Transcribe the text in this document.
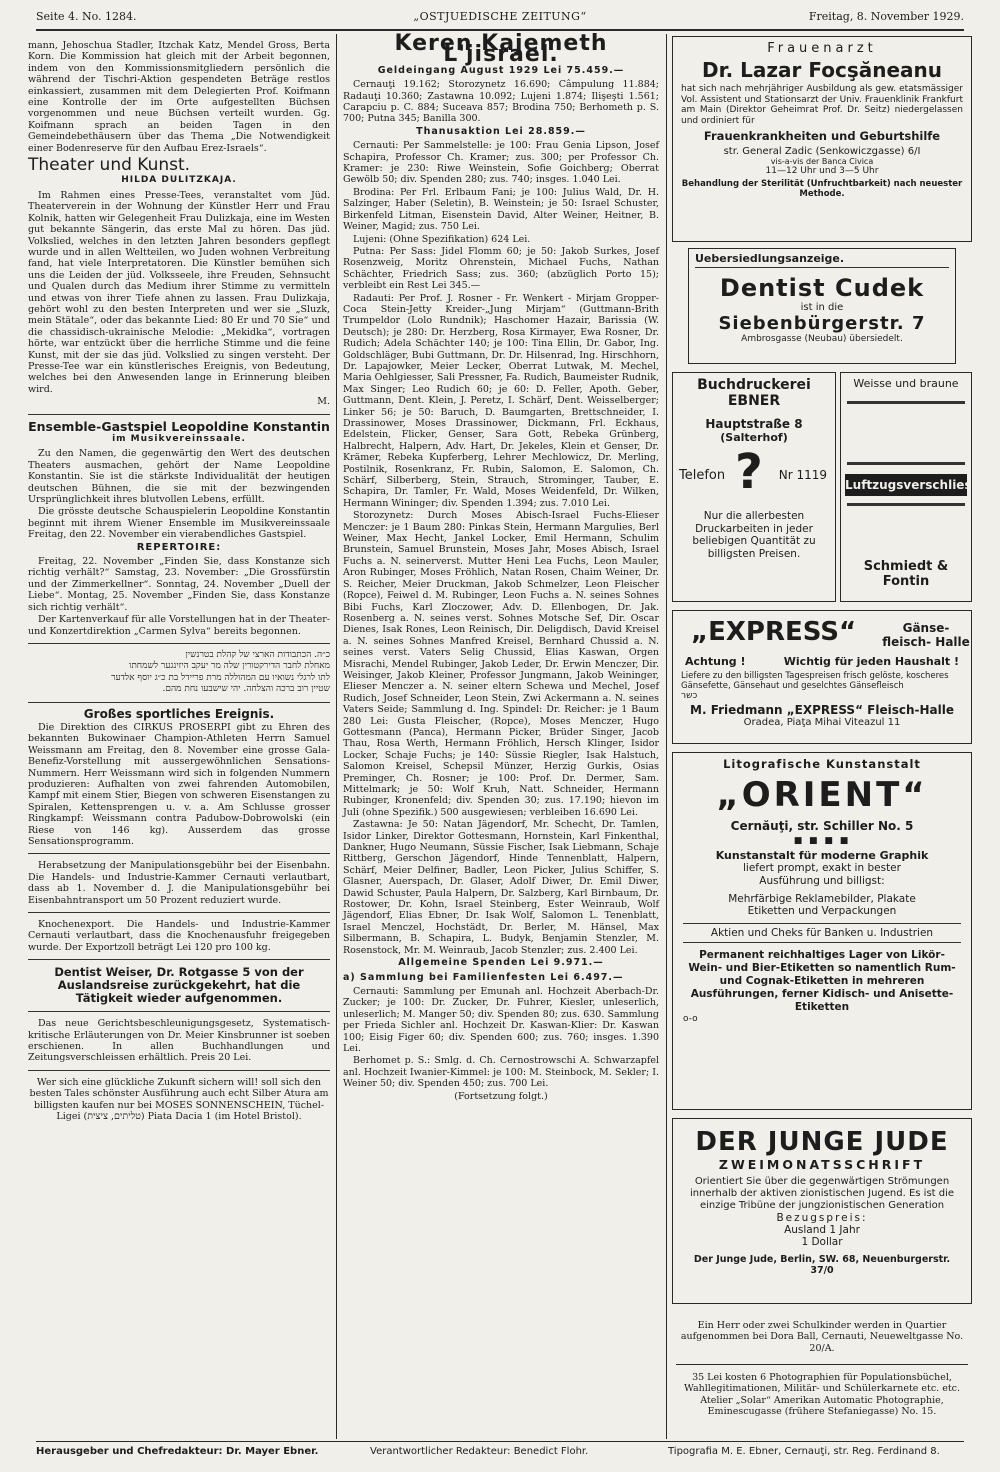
Seite 4. No. 1284.	„OSTJUEDISCHE ZEITUNG“	Freitag, 8. November 1929.

mann, Jehoschua Stadler, Itzchak Katz, Mendel Gross, Berta Korn. Die Kommission hat gleich mit der Arbeit begonnen, indem von den Kommissionsmitgliedern persönlich die während der Tischri-Aktion gespendeten Beträge restlos einkassiert, zusammen mit dem Delegierten Prof. Koifmann eine Kontrolle der im Orte aufgestellten Büchsen vorgenommen und neue Büchsen verteilt wurden. Gg. Koifmann sprach an beiden Tagen in den Gemeindebethäusern über das Thema „Die Notwendigkeit einer Bodenreserve für den Aufbau Erez-Israels“.

Theater und Kunst.
HILDA DULITZKAJA.

Im Rahmen eines Presse-Tees, veranstaltet vom Jüd. Theaterverein in der Wohnung der Künstler Herr und Frau Kolnik, hatten wir Gelegenheit Frau Dulizkaja, eine im Westen gut bekannte Sängerin, das erste Mal zu hören. Das jüd. Volkslied, welches in den letzten Jahren besonders gepflegt wurde und in allen Weltteilen, wo Juden wohnen Verbreitung fand, hat viele Interpretatoren. Die Künstler bemühen sich uns die Leiden der jüd. Volksseele, ihre Freuden, Sehnsucht und Qualen durch das Medium ihrer Stimme zu vermitteln und etwas von ihrer Tiefe ahnen zu lassen. Frau Dulizkaja, gehört wohl zu den besten Interpreten und wer sie „Sluzk, mein Stätale“, oder das bekannte Lied: 80 Er und 70 Sie“ und die chassidisch-ukrainische Melodie: „Mekidka“, vortragen hörte, war entzückt über die herrliche Stimme und die feine Kunst, mit der sie das jüd. Volkslied zu singen versteht. Der Presse-Tee war ein künstlerisches Ereignis, von Bedeutung, welches bei den Anwesenden lange in Erinnerung bleiben wird.

M.

Ensemble-Gastspiel Leopoldine Konstantin
im Musikvereinssaale.

Zu den Namen, die gegenwärtig den Wert des deutschen Theaters ausmachen, gehört der Name Leopoldine Konstantin. Sie ist die stärkste Individualität der heutigen deutschen Bühnen, die sie mit der bezwingenden Ursprünglichkeit ihres blutvollen Lebens, erfüllt.

Die grösste deutsche Schauspielerin Leopoldine Konstantin beginnt mit ihrem Wiener Ensemble im Musikvereinssaale Freitag, den 22. November ein vierabendliches Gastspiel.

REPERTOIRE:

Freitag, 22. November „Finden Sie, dass Konstanze sich richtig verhält?“ Samstag, 23. November: „Die Grossfürstin und der Zimmerkellner“. Sonntag, 24. November „Duell der Liebe“. Montag, 25. November „Finden Sie, dass Konstanze sich richtig verhält“.

Der Kartenverkauf für alle Vorstellungen hat in der Theater- und Konzertdirektion „Carmen Sylva“ bereits begonnen.

כ״ה. הכתבודות הארצי של קהלת בטרנשין
מאחלת לחבר הדירקטורין שלה מר יעקב היזינגער לשמחתו
לתו לרגלי נשואיו עם המהוללה מרת פריידל בת כ״ג יוסף אלדער
שטיין רוב ברכה והצלחה. יהי שישבעו נחת מהם.
Großes sportliches Ereignis.

Die Direktion des CIRKUS PROSERPI gibt zu Ehren des bekannten Bukowinaer Champion-Athleten Herrn Samuel Weissmann am Freitag, den 8. November eine grosse Gala-Benefiz-Vorstellung mit aussergewöhnlichen Sensations-Nummern. Herr Weissmann wird sich in folgenden Nummern produzieren: Aufhalten von zwei fahrenden Automobilen, Kampf mit einem Stier, Biegen von schweren Eisenstangen zu Spiralen, Kettensprengen u. v. a. Am Schlusse grosser Ringkampf: Weissmann contra Padubow-Dobrowolski (ein Riese von 146 kg). Ausserdem das grosse Sensationsprogramm.

Herabsetzung der Manipulationsgebühr bei der Eisenbahn. Die Handels- und Industrie-Kammer Cernauti verlautbart, dass ab 1. November d. J. die Manipulationsgebühr bei Eisenbahntransport um 50 Prozent reduziert wurde.

Knochenexport. Die Handels- und Industrie-Kammer Cernauti verlautbart, dass die Knochenausfuhr freigegeben wurde. Der Exportzoll beträgt Lei 120 pro 100 kg.

Dentist Weiser, Dr. Rotgasse 5 von der Auslandsreise zurückgekehrt, hat die Tätigkeit wieder aufgenommen.

Das neue Gerichtsbeschleunigungsgesetz, Systematisch-kritische Erläuterungen von Dr. Meier Kinsbrunner ist soeben erschienen. In allen Buchhandlungen und Zeitungsverschleissen erhältlich. Preis 20 Lei.

Wer sich eine glückliche Zukunft sichern will! soll sich den besten Tales schönster Ausführung auch echt Silber Atura am billigsten kaufen nur bei MOSES SONNENSCHEIN, Tüchel-Ligei (טליתים, ציצית) Piata Dacia 1 (im Hotel Bristol).

Keren Kajemeth L'jisrael.
Geldeingang August 1929 Lei 75.459.—

Cernauţi 19.162; Storozynetz 16.690; Câmpulung 11.884; Radauţi 10.360; Zastawna 10.092; Lujeni 1.874; Ilişeşti 1.561; Carapciu p. C. 884; Suceava 857; Brodina 750; Berhometh p. S. 700; Putna 345; Banilla 300.

Thanusaktion Lei 28.859.—

Cernauti: Per Sammelstelle: je 100: Frau Genia Lipson, Josef Schapira, Professor Ch. Kramer; zus. 300; per Professor Ch. Kramer: je 230: Riwe Weinstein, Sofie Goichberg; Oberrat Gewölb 50; div. Spenden 280; zus. 740; insges. 1.040 Lei.

Brodina: Per Frl. Erlbaum Fani; je 100: Julius Wald, Dr. H. Salzinger, Haber (Seletin), B. Weinstein; je 50: Israel Schuster, Birkenfeld Litman, Eisenstein David, Alter Weiner, Heitner, B. Weiner, Magid; zus. 750 Lei.

Lujeni: (Ohne Spezifikation) 624 Lei.

Putna: Per Sass: Jidel Flomm 60; je 50: Jakob Surkes, Josef Rosenzweig, Moritz Ohrenstein, Michael Fuchs, Nathan Schächter, Friedrich Sass; zus. 360; (abzüglich Porto 15); verbleibt ein Rest Lei 345.—

Radauti: Per Prof. J. Rosner - Fr. Wenkert - Mirjam Gropper-Coca Stein-Jetty Kreider-„Jung Mirjam“ (Guttmann-Brith Trumpeldor (Lolo Rundnik); Haschomer Hazair, Barissia (W. Deutsch); je 280: Dr. Herzberg, Rosa Kirmayer, Ewa Rosner, Dr. Rudich; Adela Schächter 140; je 100: Tina Ellin, Dr. Gabor, Ing. Goldschläger, Bubi Guttmann, Dr. Dr. Hilsenrad, Ing. Hirschhorn, Dr. Lapajowker, Meier Lecker, Oberrat Lutwak, M. Mechel, Maria Oehlgiesser, Sali Pressner, Fa. Rudich, Baumeister Rudnik, Max Singer; Leo Rudich 60; je 60: D. Feller, Apoth. Geber, Guttmann, Dent. Klein, J. Peretz, I. Schärf, Dent. Weisselberger; Linker 56; je 50: Baruch, D. Baumgarten, Brettschneider, I. Drassinower, Moses Drassinower, Dickmann, Frl. Eckhaus, Edelstein, Flicker, Genser, Sara Gott, Rebeka Grünberg, Halbrecht, Halpern, Adv. Hart, Dr. Jekeles, Klein et Genser, Dr. Krämer, Rebeka Kupferberg, Lehrer Mechlowicz, Dr. Merling, Postilnik, Rosenkranz, Fr. Rubin, Salomon, E. Salomon, Ch. Schärf, Silberberg, Stein, Strauch, Strominger, Tauber, E. Schapira, Dr. Tamler, Fr. Wald, Moses Weidenfeld, Dr. Wilken, Hermann Wininger; div. Spenden 1.394; zus. 7.010 Lei.

Storozynetz: Durch Moses Abisch-Israel Fuchs-Elieser Menczer: je 1 Baum 280: Pinkas Stein, Hermann Margulies, Berl Weiner, Max Hecht, Jankel Locker, Emil Hermann, Schulim Brunstein, Samuel Brunstein, Moses Jahr, Moses Abisch, Israel Fuchs a. N. seinerverst. Mutter Heni Lea Fuchs, Leon Mauler, Aron Rubinger, Moses Fröhlich, Natan Rosen, Chaim Weiner, Dr. S. Reicher, Meier Druckman, Jakob Schmelzer, Leon Fleischer (Ropce), Feiwel d. M. Rubinger, Leon Fuchs a. N. seines Sohnes Bibi Fuchs, Karl Zloczower, Adv. D. Ellenbogen, Dr. Jak. Rosenberg a. N. seines verst. Sohnes Motsche Sef, Dir. Oscar Dienes, Isak Rones, Leon Reinisch, Dir. Deligdisch, David Kreisel a. N. seines Sohnes Manfred Kreisel, Bernhard Chussid a. N. seines verst. Vaters Selig Chussid, Elias Kaswan, Orgen Misrachi, Mendel Rubinger, Jakob Leder, Dr. Erwin Menczer, Dir. Weisinger, Jakob Kleiner, Professor Jungmann, Jakob Weininger, Elieser Menczer a. N. seiner eltern Schewa und Mechel, Josef Rudich, Josef Schneider, Leon Stein, Zwi Ackermann a. N. seines Vaters Seide; Sammlung d. Ing. Spindel: Dr. Reicher: je 1 Baum 280 Lei: Gusta Fleischer, (Ropce), Moses Menczer, Hugo Gottesmann (Panca), Hermann Picker, Brüder Singer, Jacob Thau, Rosa Werth, Hermann Fröhlich, Hersch Klinger, Isidor Locker, Schaje Fuchs; je 140: Süssie Riegler, Isak Halstuch, Salomon Kreisel, Schepsil Münzer, Herzig Gurkis, Osias Preminger, Ch. Rosner; je 100: Prof. Dr. Dermer, Sam. Mittelmark; je 50: Wolf Kruh, Natt. Schneider, Hermann Rubinger, Kronenfeld; div. Spenden 30; zus. 17.190; hievon im Juli (ohne Spezifik.) 500 ausgewiesen; verbleiben 16.690 Lei.

Zastawna: Je 50: Natan Jägendorf, Mr. Schecht, Dr. Tamlen, Isidor Linker, Direktor Gottesmann, Hornstein, Karl Finkenthal, Dankner, Hugo Neumann, Süssie Fischer, Isak Liebmann, Schaje Rittberg, Gerschon Jägendorf, Hinde Tennenblatt, Halpern, Schärf, Meier Delfiner, Badler, Leon Picker, Julius Schiffer, S. Glasner, Auerspach, Dr. Glaser, Adolf Diwer, Dr. Emil Diwer, Dawid Schuster, Paula Halpern, Dr. Salzberg, Karl Birnbaum, Dr. Rostower, Dr. Kohn, Israel Steinberg, Ester Weinraub, Wolf Jägendorf, Elias Ebner, Dr. Isak Wolf, Salomon L. Tenenblatt, Israel Menczel, Hochstädt, Dr. Berler, M. Hänsel, Max Silbermann, B. Schapira, L. Budyk, Benjamin Stenzler, M. Rosenstock, Mr. M. Weinraub, Jacob Stenzler; zus. 2.400 Lei.

Allgemeine Spenden Lei 9.971.—
a) Sammlung bei Familienfesten Lei 6.497.—

Cernauti: Sammlung per Emunah anl. Hochzeit Aberbach-Dr. Zucker; je 100: Dr. Zucker, Dr. Fuhrer, Kiesler, unleserlich, unleserlich; M. Manger 50; div. Spenden 80; zus. 630. Sammlung per Frieda Sichler anl. Hochzeit Dr. Kaswan-Klier: Dr. Kaswan 100; Eisig Figer 60; div. Spenden 600; zus. 760; insges. 1.390 Lei.

Berhomet p. S.: Smlg. d. Ch. Cernostrowschi A. Schwarzapfel anl. Hochzeit Iwanier-Kimmel: je 100: M. Steinbock, M. Sekler; I. Weiner 50; div. Spenden 450; zus. 700 Lei.

(Fortsetzung folgt.)

Frauenarzt
Dr. Lazar Focşăneanu
hat sich nach mehrjähriger Ausbildung als gew. etatsmässiger Vol. Assistent und Stationsarzt der Univ. Frauenklinik Frankfurt am Main (Direktor Geheimrat Prof. Dr. Seitz) niedergelassen und ordiniert für
Frauenkrankheiten und Geburtshilfe
str. General Zadic (Senkowiczgasse) 6/I
vis-a-vis der Banca Civica
11—12 Uhr und 3—5 Uhr
Behandlung der Sterilität (Unfruchtbarkeit) nach neuester Methode.
Uebersiedlungsanzeige.
Dentist Cudek
ist in die
Siebenbürgerstr. 7
Ambrosgasse (Neubau) übersiedelt.
Buchdruckerei EBNER
Hauptstraße 8
(Salterhof)
Telefon ? Nr 1119
Nur die allerbesten Druckarbeiten in jeder beliebigen Quantität zu billigsten Preisen.
Weisse und braune
Luftzugsverschliesser
Schmiedt & Fontin
„EXPRESS“	Gänse- fleisch- Halle
Achtung !	Wichtig für jeden Haushalt !
Liefere zu den billigsten Tagespreisen frisch gelöste, koscheres Gänsefette, Gänsehaut und geselchtes Gänsefleisch
כשר
M. Friedmann „EXPRESS“ Fleisch-Halle
Oradea, Piaţa Mihai Viteazul 11
Litografische Kunstanstalt
„ORIENT“
Cernăuţi, str. Schiller No. 5
■ ■ ■ ■
Kunstanstalt für moderne Graphik
liefert prompt, exakt in bester Ausführung und billigst:
Mehrfärbige Reklamebilder, Plakate
Etiketten und Verpackungen
Aktien und Cheks für Banken u. Industrien
Permanent reichhaltiges Lager von Likör- Wein- und Bier-Etiketten so namentlich Rum- und Cognak-Etiketten in mehreren Ausführungen, ferner Kidisch- und Anisette-Etiketten
o-o
DER JUNGE JUDE
ZWEIMONATSSCHRIFT
Orientiert Sie über die gegenwärtigen Strömungen innerhalb der aktiven zionistischen Jugend. Es ist die einzige Tribüne der jungzionistischen Generation
Bezugspreis:
Ausland 1 Jahr
1 Dollar
Der Junge Jude, Berlin, SW. 68, Neuenburgerstr. 37/0

Ein Herr oder zwei Schulkinder werden in Quartier aufgenommen bei Dora Ball, Cernauti, Neueweltgasse No. 20/A.

35 Lei kosten 6 Photographien für Populationsbüchel, Wahllegitimationen, Militär- und Schülerkarnete etc. etc. Atelier „Solar“ Amerikan Automatic Photographie, Eminescugasse (frühere Stefaniegasse) No. 15.

Herausgeber und Chefredakteur: Dr. Mayer Ebner.	Verantwortlicher Redakteur: Benedict Flohr.	Tipografia M. E. Ebner, Cernauţi, str. Reg. Ferdinand 8.
